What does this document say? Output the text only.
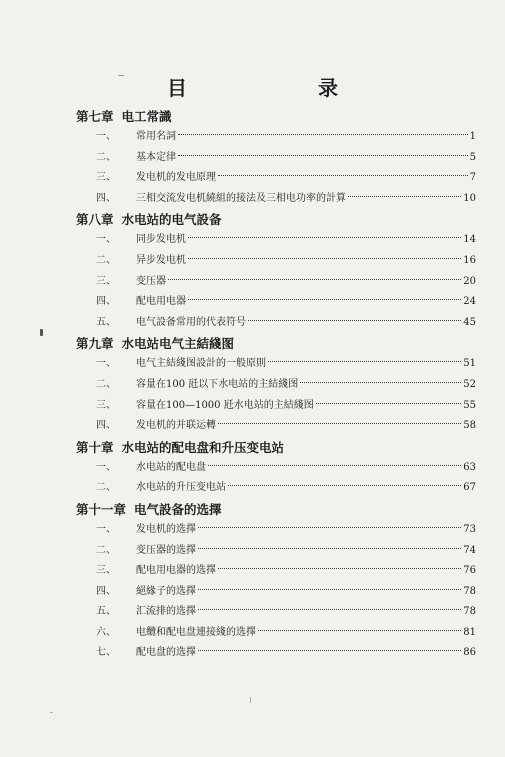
目 录
第七章 电工常識
一、	常用名詞	1
二、	基本定律	5
三、	发电机的发电原理	7
四、	三相交流发电机繞組的接法及三相电功率的計算	10
第八章 水电站的电气設备
一、	同步发电机	14
二、	异步发电机	16
三、	变压器	20
四、	配电用电器	24
五、	电气設备常用的代表符号	45
第九章 水电站电气主結綫图
一、	电气主結綫图設計的一般原則	51
二、	容量在100 瓩以下水电站的主結綫图	52
三、	容量在100—1000 瓩水电站的主結綫图	55
四、	发电机的并联运轉	58
第十章 水电站的配电盘和升压变电站
一、	水电站的配电盘	63
二、	水电站的升压变电站	67
第十一章 电气設备的选擇
一、	发电机的选擇	73
二、	变压器的选擇	74
三、	配电用电器的选擇	76
四、	絕緣子的选擇	78
五、	汇流排的选擇	78
六、	电纜和配电盘連接綫的选擇	81
七、	配电盘的选擇	86
